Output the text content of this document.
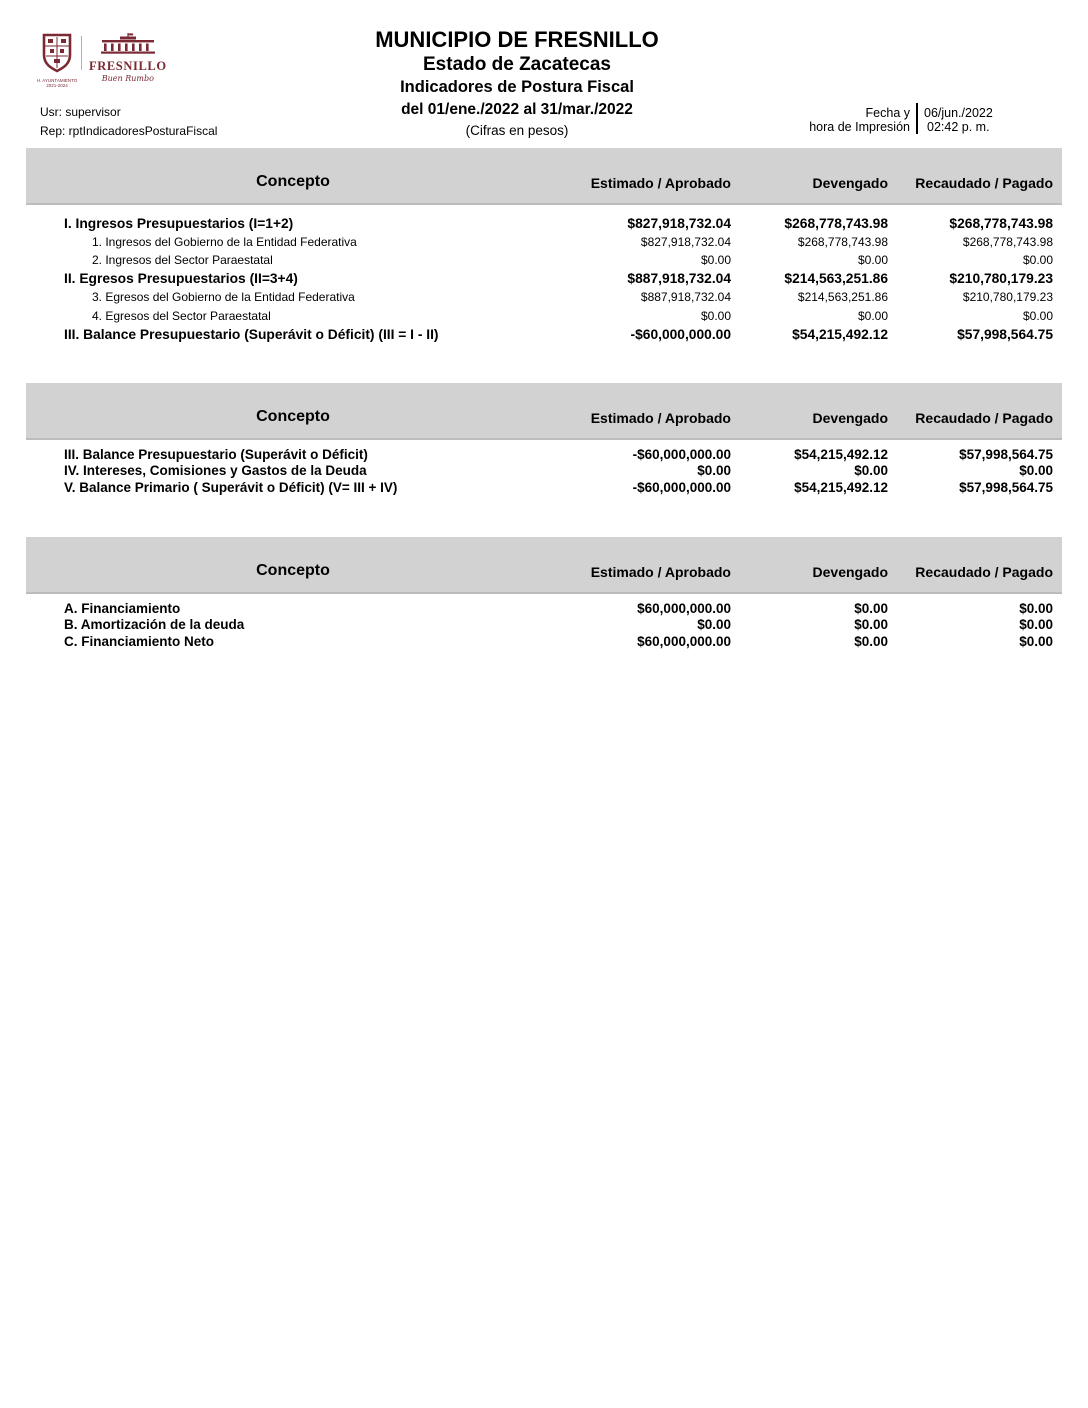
H. AYUNTAMIENTO
2021-2024
FRESNILLO
Buen Rumbo
MUNICIPIO DE FRESNILLO
Estado de Zacatecas
Indicadores de Postura Fiscal
del 01/ene./2022 al 31/mar./2022
(Cifras en pesos)
Usr: supervisor
Rep: rptIndicadoresPosturaFiscal
Fecha y
hora de Impresión
06/jun./2022
02:42 p. m.
Concepto	Estimado / Aprobado	Devengado	Recaudado / Pagado
I. Ingresos Presupuestarios (I=1+2)	$827,918,732.04	$268,778,743.98	$268,778,743.98
1. Ingresos del Gobierno de la Entidad Federativa	$827,918,732.04	$268,778,743.98	$268,778,743.98
2. Ingresos del Sector Paraestatal	$0.00	$0.00	$0.00
II. Egresos Presupuestarios (II=3+4)	$887,918,732.04	$214,563,251.86	$210,780,179.23
3. Egresos del Gobierno de la Entidad Federativa	$887,918,732.04	$214,563,251.86	$210,780,179.23
4. Egresos del Sector Paraestatal	$0.00	$0.00	$0.00
III. Balance Presupuestario (Superávit o Déficit) (III = I - II)	-$60,000,000.00	$54,215,492.12	$57,998,564.75
Concepto	Estimado / Aprobado	Devengado	Recaudado / Pagado
III. Balance Presupuestario (Superávit o Déficit)	-$60,000,000.00	$54,215,492.12	$57,998,564.75
IV. Intereses, Comisiones y Gastos de la Deuda	$0.00	$0.00	$0.00
V. Balance Primario ( Superávit o Déficit) (V= III + IV)	-$60,000,000.00	$54,215,492.12	$57,998,564.75
Concepto	Estimado / Aprobado	Devengado	Recaudado / Pagado
A. Financiamiento	$60,000,000.00	$0.00	$0.00
B. Amortización de la deuda	$0.00	$0.00	$0.00
C. Financiamiento Neto	$60,000,000.00	$0.00	$0.00
